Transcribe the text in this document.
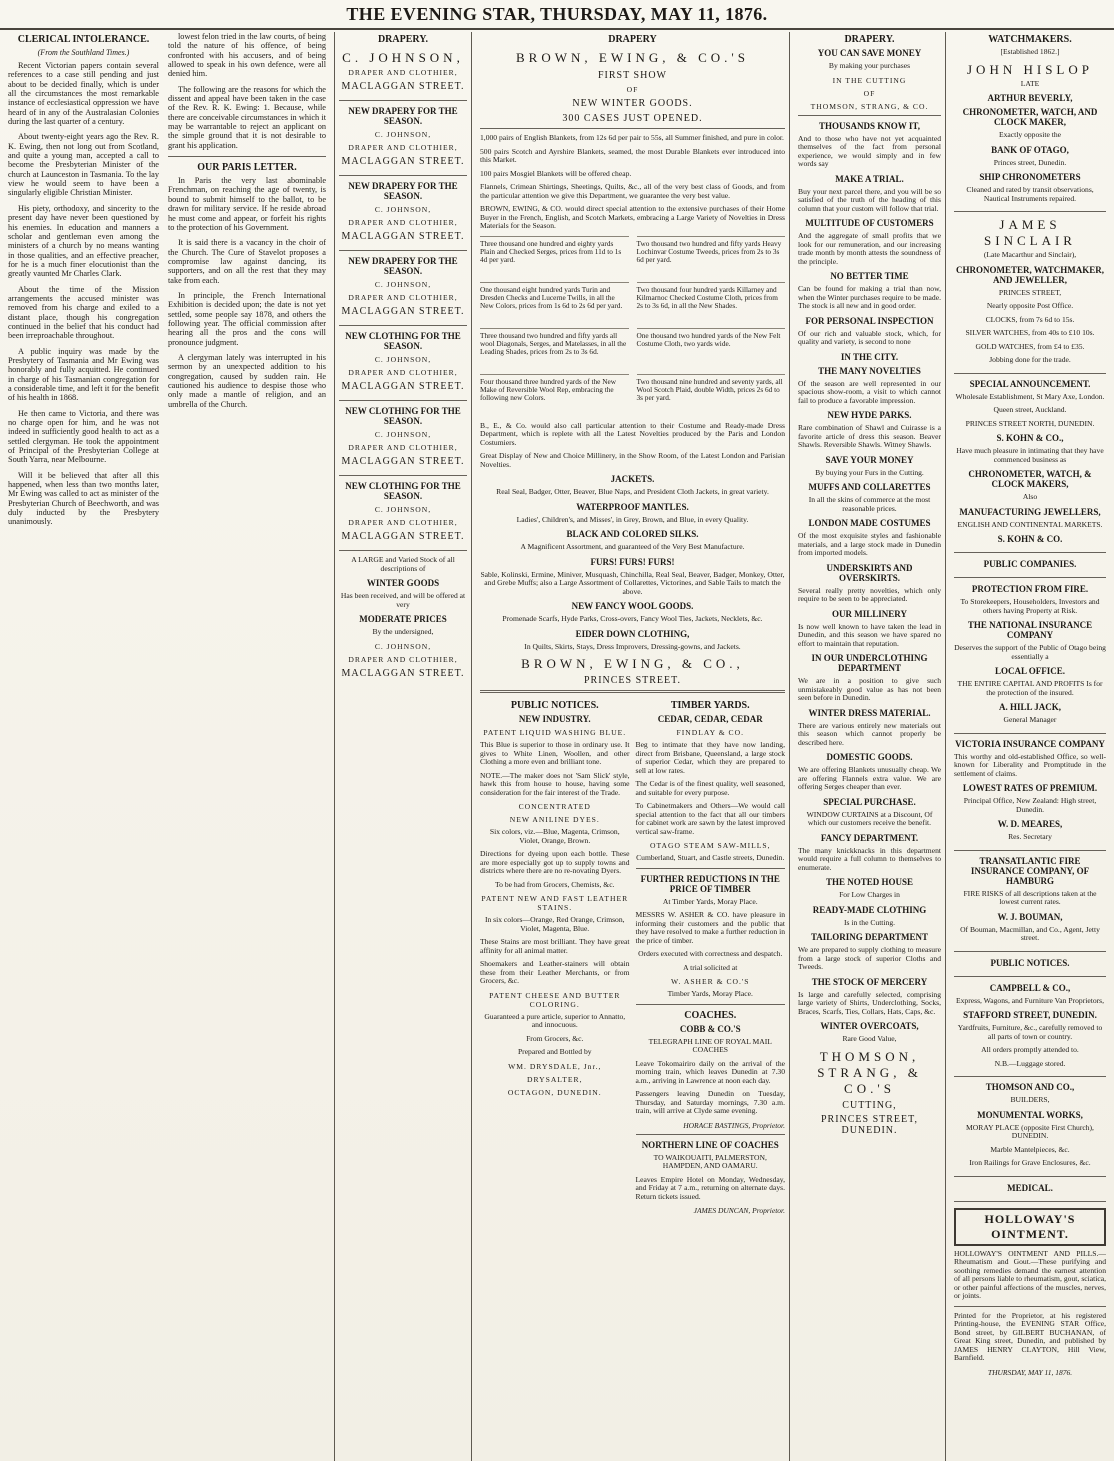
THE EVENING STAR, THURSDAY, MAY 11, 1876.
CLERICAL INTOLERANCE.
(From the Southland Times.)

Recent Victorian papers contain several references to a case still pending and just about to be decided finally, which is under all the circumstances the most remarkable instance of ecclesiastical oppression we have heard of in any of the Australasian Colonies during the last quarter of a century.

About twenty-eight years ago the Rev. R. K. Ewing, then not long out from Scotland, and quite a young man, accepted a call to become the Presbyterian Minister of the church at Launceston in Tasmania. To the lay view he would seem to have been a singularly eligible Christian Minister.

His piety, orthodoxy, and sincerity to the present day have never been questioned by his enemies. In education and manners a scholar and gentleman even among the ministers of a church by no means wanting in those qualities, and an effective preacher, for he is a much finer elocutionist than the greatly vaunted Mr Charles Clark.

About the time of the Mission arrangements the accused minister was removed from his charge and exiled to a distant place, though his congregation continued in the belief that his conduct had been irreproachable throughout.

A public inquiry was made by the Presbytery of Tasmania and Mr Ewing was honorably and fully acquitted. He continued in charge of his Tasmanian congregation for a considerable time, and left it for the benefit of his health in 1868.

He then came to Victoria, and there was no charge open for him, and he was not indeed in sufficiently good health to act as a settled clergyman. He took the appointment of Principal of the Presbyterian College at South Yarra, near Melbourne.

Will it be believed that after all this happened, when less than two months later, Mr Ewing was called to act as minister of the Presbyterian Church of Beechworth, and was duly inducted by the Presbytery unanimously.

lowest felon tried in the law courts, of being told the nature of his offence, of being confronted with his accusers, and of being allowed to speak in his own defence, were all denied him.

The following are the reasons for which the dissent and appeal have been taken in the case of the Rev. R. K. Ewing: 1. Because, while there are conceivable circumstances in which it may be warrantable to reject an applicant on the simple ground that it is not desirable to grant his application.

OUR PARIS LETTER.

In Paris the very last abominable Frenchman, on reaching the age of twenty, is bound to submit himself to the ballot, to be drawn for military service. If he reside abroad he must come and appear, or forfeit his rights to the protection of his Government.

It is said there is a vacancy in the choir of the Church. The Cure of Stavelot proposes a compromise law against dancing, its supporters, and on all the rest that they may take from each.

In principle, the French International Exhibition is decided upon; the date is not yet settled, some people say 1878, and others the following year. The official commission after hearing all the pros and the cons will pronounce judgment.

A clergyman lately was interrupted in his sermon by an unexpected addition to his congregation, caused by sudden rain. He cautioned his audience to despise those who only made a mantle of religion, and an umbrella of the Church.

DRAPERY.
C. JOHNSON,
DRAPER AND CLOTHIER,
MACLAGGAN STREET.
NEW DRAPERY FOR THE SEASON.
C. JOHNSON,
DRAPER AND CLOTHIER,
MACLAGGAN STREET.
NEW DRAPERY FOR THE SEASON.
C. JOHNSON,
DRAPER AND CLOTHIER,
MACLAGGAN STREET.
NEW DRAPERY FOR THE SEASON.
C. JOHNSON,
DRAPER AND CLOTHIER,
MACLAGGAN STREET.
NEW CLOTHING FOR THE SEASON.
C. JOHNSON,
DRAPER AND CLOTHIER,
MACLAGGAN STREET.
NEW CLOTHING FOR THE SEASON.
C. JOHNSON,
DRAPER AND CLOTHIER,
MACLAGGAN STREET.
NEW CLOTHING FOR THE SEASON.
C. JOHNSON,
DRAPER AND CLOTHIER,
MACLAGGAN STREET.
A LARGE and Varied Stock of all descriptions of
WINTER GOODS
Has been received, and will be offered at very
MODERATE PRICES
By the undersigned,
C. JOHNSON,
DRAPER AND CLOTHIER,
MACLAGGAN STREET.
DRAPERY
BROWN, EWING, & CO.'S
FIRST SHOW
OF
NEW WINTER GOODS.
300 CASES JUST OPENED.

1,000 pairs of English Blankets, from 12s 6d per pair to 55s, all Summer finished, and pure in color.

500 pairs Scotch and Ayrshire Blankets, seamed, the most Durable Blankets ever introduced into this Market.

100 pairs Mosgiel Blankets will be offered cheap.

Flannels, Crimean Shirtings, Sheetings, Quilts, &c., all of the very best class of Goods, and from the particular attention we give this Department, we guarantee the very best value.

BROWN, EWING, & CO. would direct special attention to the extensive purchases of their Home Buyer in the French, English, and Scotch Markets, embracing a Large Variety of Novelties in Dress Materials for the Season.

Three thousand one hundred and eighty yards Plain and Checked Serges, prices from 11d to 1s 4d per yard.
Two thousand two hundred and fifty yards Heavy Lochinvar Costume Tweeds, prices from 2s to 3s 6d per yard.
One thousand eight hundred yards Turin and Dresden Checks and Lucerne Twills, in all the New Colors, prices from 1s 6d to 2s 6d per yard.
Two thousand four hundred yards Killarney and Kilmarnoc Checked Costume Cloth, prices from 2s to 3s 6d, in all the New Shades.
Three thousand two hundred and fifty yards all wool Diagonals, Serges, and Matelasses, in all the Leading Shades, prices from 2s to 3s 6d.
One thousand two hundred yards of the New Felt Costume Cloth, two yards wide.
Four thousand three hundred yards of the New Make of Reversible Wool Rep, embracing the following new Colors.
Two thousand nine hundred and seventy yards, all Wool Scotch Plaid, double Width, prices 2s 6d to 3s per yard.

B., E., & Co. would also call particular attention to their Costume and Ready-made Dress Department, which is replete with all the Latest Novelties produced by the Paris and London Costumiers.

Great Display of New and Choice Millinery, in the Show Room, of the Latest London and Parisian Novelties.

JACKETS.

Real Seal, Badger, Otter, Beaver, Blue Naps, and President Cloth Jackets, in great variety.

WATERPROOF MANTLES.

Ladies', Children's, and Misses', in Grey, Brown, and Blue, in every Quality.

BLACK AND COLORED SILKS.

A Magnificent Assortment, and guaranteed of the Very Best Manufacture.

FURS! FURS! FURS!

Sable, Kolinski, Ermine, Miniver, Musquash, Chinchilla, Real Seal, Beaver, Badger, Monkey, Otter, and Grebe Muffs; also a Large Assortment of Collarettes, Victorines, and Sable Tails to match the above.

NEW FANCY WOOL GOODS.

Promenade Scarfs, Hyde Parks, Cross-overs, Fancy Wool Ties, Jackets, Necklets, &c.

EIDER DOWN CLOTHING,

In Quilts, Skirts, Stays, Dress Improvers, Dressing-gowns, and Jackets.

BROWN, EWING, & CO.,
PRINCES STREET.
PUBLIC NOTICES.
NEW INDUSTRY.
PATENT LIQUID WASHING BLUE.

This Blue is superior to those in ordinary use. It gives to White Linen, Woollen, and other Clothing a more even and brilliant tone.

NOTE.—The maker does not 'Sam Slick' style, hawk this from house to house, having some consideration for the fair interest of the Trade.

CONCENTRATED
NEW ANILINE DYES.

Six colors, viz.—Blue, Magenta, Crimson, Violet, Orange, Brown.

Directions for dyeing upon each bottle. These are more especially got up to supply towns and districts where there are no re-novating Dyers.

To be had from Grocers, Chemists, &c.

PATENT NEW AND FAST LEATHER STAINS.

In six colors—Orange, Red Orange, Crimson, Violet, Magenta, Blue.

These Stains are most brilliant. They have great affinity for all animal matter.

Shoemakers and Leather-stainers will obtain these from their Leather Merchants, or from Grocers, &c.

PATENT CHEESE AND BUTTER COLORING.

Guaranteed a pure article, superior to Annatto, and innocuous.

From Grocers, &c.

Prepared and Bottled by
WM. DRYSDALE, Jnr.,
DRYSALTER,
OCTAGON, DUNEDIN.
TIMBER YARDS.
CEDAR, CEDAR, CEDAR
FINDLAY & CO.

Beg to intimate that they have now landing, direct from Brisbane, Queensland, a large stock of superior Cedar, which they are prepared to sell at low rates.

The Cedar is of the finest quality, well seasoned, and suitable for every purpose.

To Cabinetmakers and Others—We would call special attention to the fact that all our timbers for cabinet work are sawn by the latest improved vertical saw-frame.

OTAGO STEAM SAW-MILLS,
Cumberland, Stuart, and Castle streets, Dunedin.
FURTHER REDUCTIONS IN THE PRICE OF TIMBER
At Timber Yards, Moray Place.

MESSRS W. ASHER & CO. have pleasure in informing their customers and the public that they have resolved to make a further reduction in the price of timber.

Orders executed with correctness and despatch.

A trial solicited at
W. ASHER & CO.'S
Timber Yards, Moray Place.
COACHES.
COBB & CO.'S
TELEGRAPH LINE OF ROYAL MAIL COACHES

Leave Tokomairiro daily on the arrival of the morning train, which leaves Dunedin at 7.30 a.m., arriving in Lawrence at noon each day.

Passengers leaving Dunedin on Tuesday, Thursday, and Saturday mornings, 7.30 a.m. train, will arrive at Clyde same evening.

HORACE BASTINGS, Proprietor.
NORTHERN LINE OF COACHES
TO WAIKOUAITI, PALMERSTON, HAMPDEN, AND OAMARU.

Leaves Empire Hotel on Monday, Wednesday, and Friday at 7 a.m., returning on alternate days. Return tickets issued.

JAMES DUNCAN, Proprietor.
DRAPERY.
YOU CAN SAVE MONEY
By making your purchases
IN THE CUTTING
OF
THOMSON, STRANG, & CO.
THOUSANDS KNOW IT,

And to those who have not yet acquainted themselves of the fact from personal experience, we would simply and in few words say

MAKE A TRIAL.

Buy your next parcel there, and you will be so satisfied of the truth of the heading of this column that your custom will follow that trial.

MULTITUDE OF CUSTOMERS

And the aggregate of small profits that we look for our remuneration, and our increasing trade month by month attests the soundness of the principle.

NO BETTER TIME

Can be found for making a trial than now, when the Winter purchases require to be made. The stock is all new and in good order.

FOR PERSONAL INSPECTION

Of our rich and valuable stock, which, for quality and variety, is second to none

IN THE CITY.
THE MANY NOVELTIES

Of the season are well represented in our spacious show-room, a visit to which cannot fail to produce a favorable impression.

NEW HYDE PARKS.

Rare combination of Shawl and Cuirasse is a favorite article of dress this season. Beaver Shawls. Reversible Shawls. Witney Shawls.

SAVE YOUR MONEY

By buying your Furs in the Cutting.

MUFFS AND COLLARETTES

In all the skins of commerce at the most reasonable prices.

LONDON MADE COSTUMES

Of the most exquisite styles and fashionable materials, and a large stock made in Dunedin from imported models.

UNDERSKIRTS AND OVERSKIRTS.

Several really pretty novelties, which only require to be seen to be appreciated.

OUR MILLINERY

Is now well known to have taken the lead in Dunedin, and this season we have spared no effort to maintain that reputation.

IN OUR UNDERCLOTHING DEPARTMENT

We are in a position to give such unmistakeably good value as has not been seen before in Dunedin.

WINTER DRESS MATERIAL.

There are various entirely new materials out this season which cannot properly be described here.

DOMESTIC GOODS.

We are offering Blankets unusually cheap. We are offering Flannels extra value. We are offering Serges cheaper than ever.

SPECIAL PURCHASE.

WINDOW CURTAINS at a Discount, Of which our customers receive the benefit.

FANCY DEPARTMENT.

The many knickknacks in this department would require a full column to themselves to enumerate.

THE NOTED HOUSE

For Low Charges in

READY-MADE CLOTHING

Is in the Cutting.

TAILORING DEPARTMENT

We are prepared to supply clothing to measure from a large stock of superior Cloths and Tweeds.

THE STOCK OF MERCERY

Is large and carefully selected, comprising large variety of Shirts, Underclothing, Socks, Braces, Scarfs, Ties, Collars, Hats, Caps, &c.

WINTER OVERCOATS,

Rare Good Value,

THOMSON, STRANG, & CO.'S
CUTTING,
PRINCES STREET, DUNEDIN.
WATCHMAKERS.
[Established 1862.]
JOHN HISLOP
LATE
ARTHUR BEVERLY,
CHRONOMETER, WATCH, AND CLOCK MAKER,
Exactly opposite the
BANK OF OTAGO,
Princes street, Dunedin.
SHIP CHRONOMETERS
Cleaned and rated by transit observations, Nautical Instruments repaired.
JAMES SINCLAIR
(Late Macarthur and Sinclair),
CHRONOMETER, WATCHMAKER, AND JEWELLER,
PRINCES STREET,
Nearly opposite Post Office.
CLOCKS, from 7s 6d to 15s.
SILVER WATCHES, from 40s to £10 10s.
GOLD WATCHES, from £4 to £35.
Jobbing done for the trade.
SPECIAL ANNOUNCEMENT.
Wholesale Establishment, St Mary Axe, London.
Queen street, Auckland.
PRINCES STREET NORTH, DUNEDIN.
S. KOHN & CO.,
Have much pleasure in intimating that they have commenced business as
CHRONOMETER, WATCH, & CLOCK MAKERS,
Also
MANUFACTURING JEWELLERS,
ENGLISH AND CONTINENTAL MARKETS.
S. KOHN & CO.
PUBLIC COMPANIES.
PROTECTION FROM FIRE.
To Storekeepers, Householders, Investors and others having Property at Risk.
THE NATIONAL INSURANCE COMPANY
Deserves the support of the Public of Otago being essentially a
LOCAL OFFICE.
THE ENTIRE CAPITAL AND PROFITS Is for the protection of the insured.
A. HILL JACK,
General Manager
VICTORIA INSURANCE COMPANY
This worthy and old-established Office, so well-known for Liberality and Promptitude in the settlement of claims.
LOWEST RATES OF PREMIUM.
Principal Office, New Zealand: High street, Dunedin.
W. D. MEARES,
Res. Secretary
TRANSATLANTIC FIRE INSURANCE COMPANY, OF HAMBURG
FIRE RISKS of all descriptions taken at the lowest current rates.
W. J. BOUMAN,
Of Bouman, Macmillan, and Co., Agent, Jetty street.
PUBLIC NOTICES.
CAMPBELL & CO.,
Express, Wagons, and Furniture Van Proprietors,
STAFFORD STREET, DUNEDIN.
Yardfruits, Furniture, &c., carefully removed to all parts of town or country.
All orders promptly attended to.
N.B.—Luggage stored.
THOMSON AND CO.,
BUILDERS,
MONUMENTAL WORKS,
MORAY PLACE (opposite First Church), DUNEDIN.
Marble Mantelpieces, &c.
Iron Railings for Grave Enclosures, &c.
MEDICAL.
HOLLOWAY'S OINTMENT.

HOLLOWAY'S OINTMENT AND PILLS.—Rheumatism and Gout.—These purifying and soothing remedies demand the earnest attention of all persons liable to rheumatism, gout, sciatica, or other painful affections of the muscles, nerves, or joints.

Printed for the Proprietor, at his registered Printing-house, the EVENING STAR Office, Bond street, by GILBERT BUCHANAN, of Great King street, Dunedin, and published by JAMES HENRY CLAYTON, Hill View, Barnfield.

THURSDAY, MAY 11, 1876.
